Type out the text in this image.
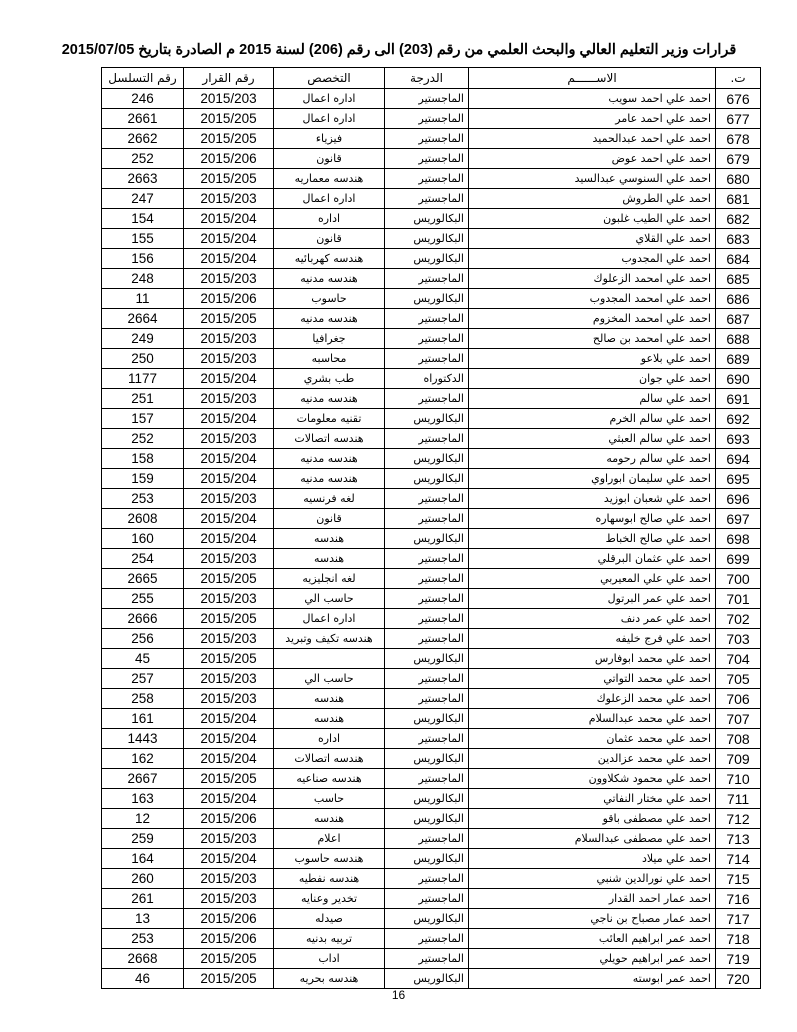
قرارات وزير التعليم العالي والبحث العلمي من رقم (203) الى رقم (206) لسنة 2015 م الصادرة بتاريخ 2015/07/05
ت.	الاســــــم	الدرجة	التخصص	رقم القرار	رقم التسلسل
676	احمد علي احمد سويب	الماجستير	اداره اعمال	2015/203	246
677	احمد علي احمد عامر	الماجستير	اداره اعمال	2015/205	2661
678	احمد علي احمد عبدالحميد	الماجستير	فيزياء	2015/205	2662
679	احمد علي احمد عوض	الماجستير	قانون	2015/206	252
680	احمد علي السنوسي عبدالسيد	الماجستير	هندسه معماريه	2015/205	2663
681	احمد علي الطروش	الماجستير	اداره اعمال	2015/203	247
682	احمد علي الطيب غلبون	البكالوريس	اداره	2015/204	154
683	احمد علي القلاي	البكالوريس	قانون	2015/204	155
684	احمد علي المجدوب	البكالوريس	هندسه كهربائيه	2015/204	156
685	احمد علي امحمد الزعلوك	الماجستير	هندسه مدنيه	2015/203	248
686	احمد علي امحمد المجدوب	البكالوريس	حاسوب	2015/206	11
687	احمد علي امحمد المخزوم	الماجستير	هندسه مدنيه	2015/205	2664
688	احمد علي امحمد بن صالح	الماجستير	جغرافيا	2015/203	249
689	احمد علي بلاعو	الماجستير	محاسبه	2015/203	250
690	احمد علي جوان	الدكتوراه	طب بشري	2015/204	1177
691	احمد علي سالم	الماجستير	هندسه مدنيه	2015/203	251
692	احمد علي سالم الخرم	البكالوريس	تقنيه معلومات	2015/204	157
693	احمد علي سالم العبثي	الماجستير	هندسه اتصالات	2015/203	252
694	احمد علي سالم رحومه	البكالوريس	هندسه مدنيه	2015/204	158
695	احمد علي سليمان ابوراوي	البكالوريس	هندسه مدنيه	2015/204	159
696	احمد علي شعبان ابوزيد	الماجستير	لغه فرنسيه	2015/203	253
697	احمد علي صالح ابوسهاره	الماجستير	قانون	2015/204	2608
698	احمد علي صالح الخباط	البكالوريس	هندسه	2015/204	160
699	احمد علي عثمان البرقلي	الماجستير	هندسه	2015/203	254
700	احمد علي علي المعيربي	الماجستير	لغه انجليزيه	2015/205	2665
701	احمد علي عمر البرتول	الماجستير	حاسب الي	2015/203	255
702	احمد علي عمر دنف	الماجستير	اداره اعمال	2015/205	2666
703	احمد علي فرج خليفه	الماجستير	هندسه تكيف وتبريد	2015/203	256
704	احمد علي محمد ابوفارس	البكالوريس		2015/205	45
705	احمد علي محمد التواتي	الماجستير	حاسب الي	2015/203	257
706	احمد علي محمد الزعلوك	الماجستير	هندسه	2015/203	258
707	احمد علي محمد عبدالسلام	البكالوريس	هندسه	2015/204	161
708	احمد علي محمد عثمان	الماجستير	اداره	2015/204	1443
709	احمد علي محمد عزالدين	البكالوريس	هندسه اتصالات	2015/204	162
710	احمد علي محمود شكلاوون	الماجستير	هندسه صناعيه	2015/205	2667
711	احمد علي مختار النفاتي	البكالوريس	حاسب	2015/204	163
712	احمد علي مصطفى باقو	البكالوريس	هندسه	2015/206	12
713	احمد علي مصطفى عبدالسلام	الماجستير	اعلام	2015/203	259
714	احمد علي ميلاد	البكالوريس	هندسه حاسوب	2015/204	164
715	احمد علي نورالدين شنبي	الماجستير	هندسه نفطيه	2015/203	260
716	احمد عمار احمد القدار	الماجستير	تخدير وعنايه	2015/203	261
717	احمد عمار مصباح بن ناجي	البكالوريس	صيدله	2015/206	13
718	احمد عمر ابراهيم العائب	الماجستير	تربيه بدنيه	2015/206	253
719	احمد عمر ابراهيم حويلي	الماجستير	اداب	2015/205	2668
720	احمد عمر ابوسته	البكالوريس	هندسه بحريه	2015/205	46
16
